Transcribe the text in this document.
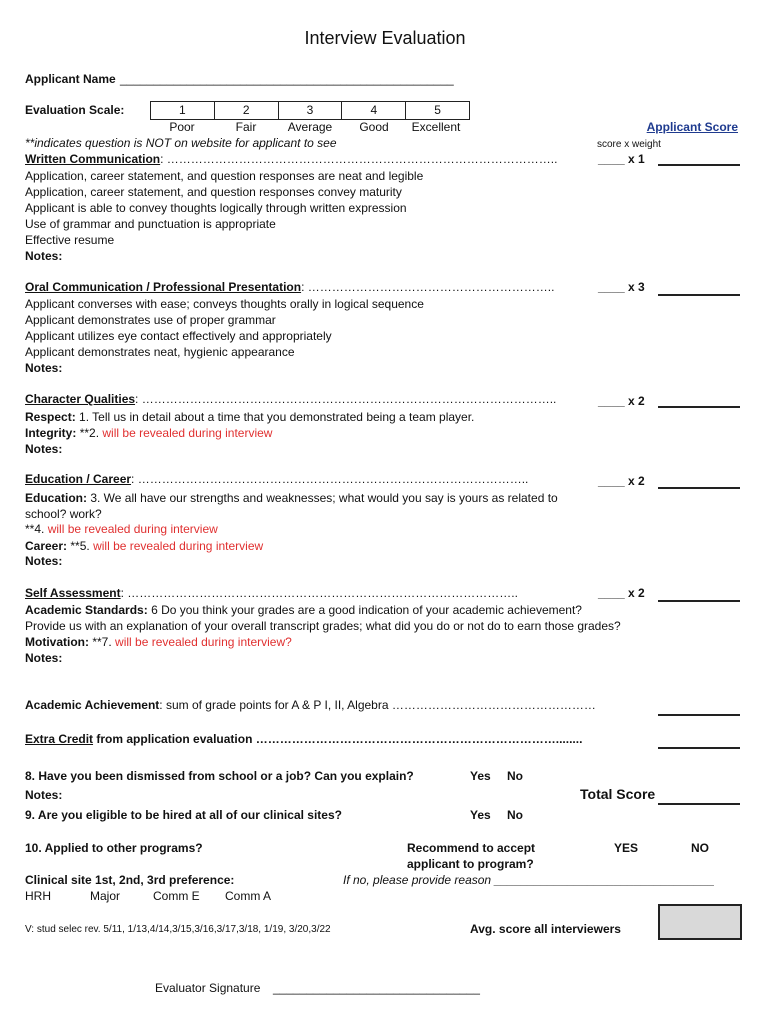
Interview Evaluation
Applicant Name __________________________________________________
Evaluation Scale:	1	2	3	4	5
Poor	Fair	Average	Good	Excellent	Applicant Score
**indicates question is NOT on website for applicant to see	score x weight
Written Communication: ……………………………………………………………………………………..	____ x 1
Application, career statement, and question responses are neat and legible
Application, career statement, and question responses convey maturity
Applicant is able to convey thoughts logically through written expression
Use of grammar and punctuation is appropriate
Effective resume
Notes:
Oral Communication / Professional Presentation: ……………………………………………………..	____ x 3
Applicant converses with ease; conveys thoughts orally in logical sequence
Applicant demonstrates use of proper grammar
Applicant utilizes eye contact effectively and appropriately
Applicant demonstrates neat, hygienic appearance
Notes:
Character Qualities: …………………………………………………………………………………………..	____ x 2
Respect: 1. Tell us in detail about a time that you demonstrated being a team player.
Integrity: **2. will be revealed during interview
Notes:
Education / Career: ……………………………………………………………………………………..	____ x 2
Education: 3. We all have our strengths and weaknesses; what would you say is yours as related to
school? work?
**4. will be revealed during interview
Career: **5. will be revealed during interview
Notes:
Self Assessment: ……………………………………………………………………………………..	____ x 2
Academic Standards: 6 Do you think your grades are a good indication of your academic achievement?
Provide us with an explanation of your overall transcript grades; what did you do or not do to earn those grades?
Motivation: **7. will be revealed during interview?
Notes:
Academic Achievement: sum of grade points for A & P I, II, Algebra ……………………………………………
Extra Credit from application evaluation …………………………………………………………………........
8. Have you been dismissed from school or a job? Can you explain?	Yes No
Notes:	Total Score
9. Are you eligible to be hired at all of our clinical sites?	Yes No
10. Applied to other programs?	Recommend to accept
applicant to program?
YES	NO
Clinical site 1st, 2nd, 3rd preference:	If no, please provide reason _________________________________
HRH	Major	Comm E Comm A
V: stud selec rev. 5/11, 1/13,4/14,3/15,3/16,3/17,3/18, 1/19, 3/20,3/22	Avg. score all interviewers
Evaluator Signature _______________________________
